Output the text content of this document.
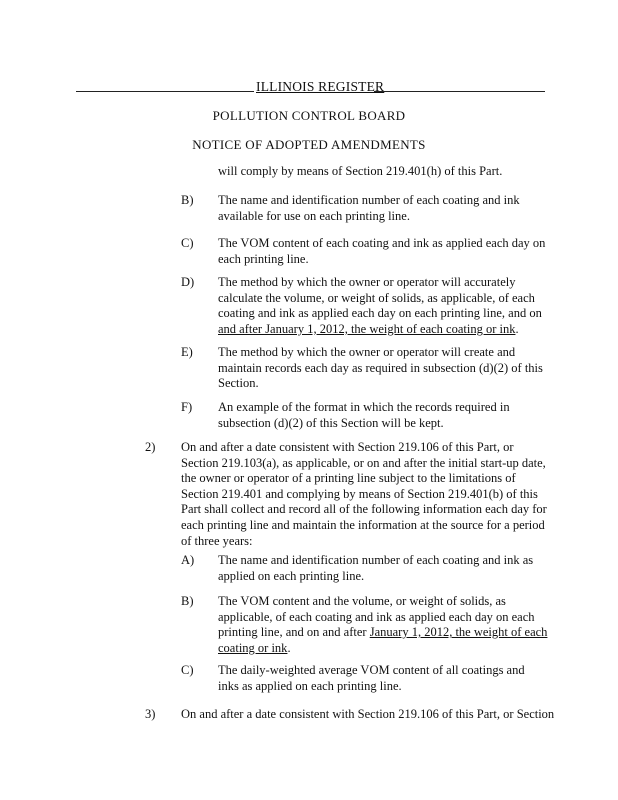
ILLINOIS REGISTER
POLLUTION CONTROL BOARD
NOTICE OF ADOPTED AMENDMENTS
will comply by means of Section 219.401(h) of this Part.
B) The name and identification number of each coating and ink available for use on each printing line.
C) The VOM content of each coating and ink as applied each day on each printing line.
D) The method by which the owner or operator will accurately calculate the volume, or weight of solids, as applicable, of each coating and ink as applied each day on each printing line, and on and after January 1, 2012, the weight of each coating or ink.
E) The method by which the owner or operator will create and maintain records each day as required in subsection (d)(2) of this Section.
F) An example of the format in which the records required in subsection (d)(2) of this Section will be kept.
2) On and after a date consistent with Section 219.106 of this Part, or Section 219.103(a), as applicable, or on and after the initial start-up date, the owner or operator of a printing line subject to the limitations of Section 219.401 and complying by means of Section 219.401(b) of this Part shall collect and record all of the following information each day for each printing line and maintain the information at the source for a period of three years:
A) The name and identification number of each coating and ink as applied on each printing line.
B) The VOM content and the volume, or weight of solids, as applicable, of each coating and ink as applied each day on each printing line, and on and after January 1, 2012, the weight of each coating or ink.
C) The daily-weighted average VOM content of all coatings and inks as applied on each printing line.
3) On and after a date consistent with Section 219.106 of this Part, or Section
